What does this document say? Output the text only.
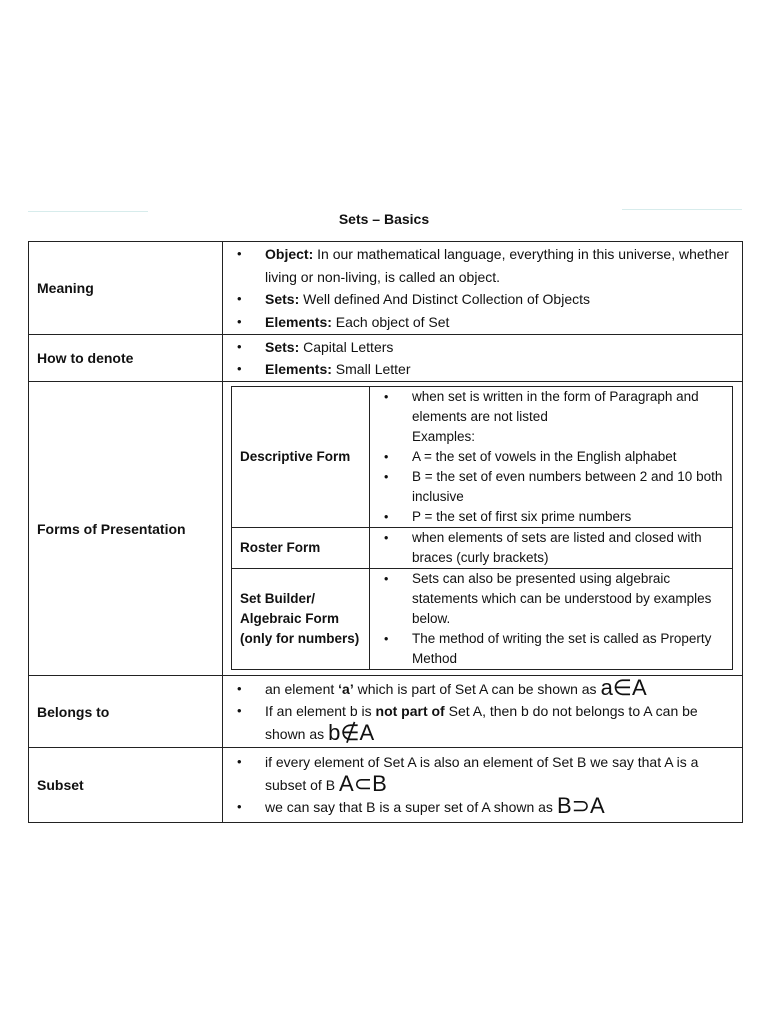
Sets – Basics
Meaning	
• Object: In our mathematical language, everything in this universe, whether living or non-living, is called an object.
• Sets: Well defined And Distinct Collection of Objects
• Elements: Each object of Set

How to denote	
• Sets: Capital Letters
• Elements: Small Letter

Forms of Presentation	
Descriptive Form	
• when set is written in the form of Paragraph and elements are not listed
Examples:
• A = the set of vowels in the English alphabet
• B = the set of even numbers between 2 and 10 both inclusive
• P = the set of first six prime numbers

Roster Form	
• when elements of sets are listed and closed with braces (curly brackets)

Set Builder/ Algebraic Form (only for numbers)	
• Sets can also be presented using algebraic statements which can be understood by examples below.
• The method of writing the set is called as Property Method

Belongs to	
• an element ‘a’ which is part of Set A can be shown as a∈A
• If an element b is not part of Set A, then b do not belongs to A can be shown as b∉A

Subset	
• if every element of Set A is also an element of Set B we say that A is a subset of B A⊂B
• we can say that B is a super set of A shown as B⊃A
